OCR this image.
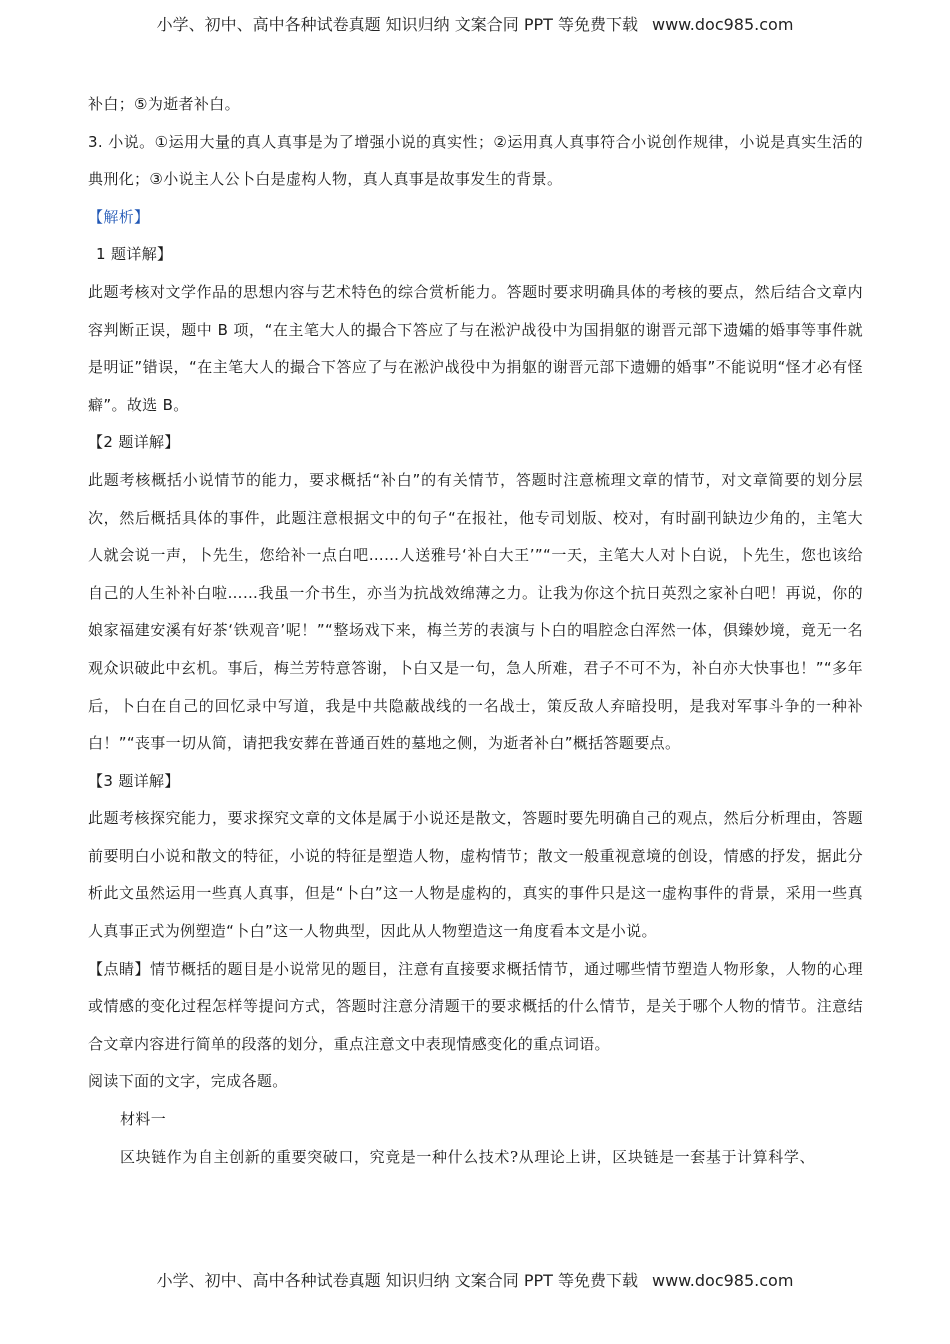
小学、初中、高中各种试卷真题 知识归纳 文案合同 PPT 等免费下载 www.doc985.com

补白；⑤为逝者补白。

3. 小说。①运用大量的真人真事是为了增强小说的真实性；②运用真人真事符合小说创作规律，小说是真实生活的典刑化；③小说主人公卜白是虚构人物，真人真事是故事发生的背景。

【解析】

1 题详解】

此题考核对文学作品的思想内容与艺术特色的综合赏析能力。答题时要求明确具体的考核的要点，然后结合文章内容判断正误，题中 B 项，“在主笔大人的撮合下答应了与在淞沪战役中为国捐躯的谢晋元部下遗孀的婚事等事件就是明证”错误，“在主笔大人的撮合下答应了与在淞沪战役中为捐躯的谢晋元部下遗姗的婚事”不能说明“怪才必有怪癖”。故选 B。

【2 题详解】

此题考核概括小说情节的能力，要求概括“补白”的有关情节，答题时注意梳理文章的情节，对文章简要的划分层次，然后概括具体的事件，此题注意根据文中的句子“在报社，他专司划版、校对，有时副刊缺边少角的，主笔大人就会说一声，卜先生，您给补一点白吧……人送雅号‘补白大王’”“一天，主笔大人对卜白说，卜先生，您也该给自己的人生补补白啦……我虽一介书生，亦当为抗战效绵薄之力。让我为你这个抗日英烈之家补白吧！再说，你的娘家福建安溪有好茶‘铁观音’呢！”“整场戏下来，梅兰芳的表演与卜白的唱腔念白浑然一体，俱臻妙境，竟无一名观众识破此中玄机。事后，梅兰芳特意答谢，卜白又是一句，急人所难，君子不可不为，补白亦大快事也！”“多年后，卜白在自己的回忆录中写道，我是中共隐蔽战线的一名战士，策反敌人弃暗投明，是我对军事斗争的一种补白！”“丧事一切从简，请把我安葬在普通百姓的墓地之侧，为逝者补白”概括答题要点。

【3 题详解】

此题考核探究能力，要求探究文章的文体是属于小说还是散文，答题时要先明确自己的观点，然后分析理由，答题前要明白小说和散文的特征，小说的特征是塑造人物，虚构情节；散文一般重视意境的创设，情感的抒发，据此分析此文虽然运用一些真人真事，但是“卜白”这一人物是虚构的，真实的事件只是这一虚构事件的背景，采用一些真人真事正式为例塑造“卜白”这一人物典型，因此从人物塑造这一角度看本文是小说。

【点睛】情节概括的题目是小说常见的题目，注意有直接要求概括情节，通过哪些情节塑造人物形象，人物的心理或情感的变化过程怎样等提问方式，答题时注意分清题干的要求概括的什么情节，是关于哪个人物的情节。注意结合文章内容进行简单的段落的划分，重点注意文中表现情感变化的重点词语。

阅读下面的文字，完成各题。

材料一

区块链作为自主创新的重要突破口，究竟是一种什么技术?从理论上讲，区块链是一套基于计算科学、

小学、初中、高中各种试卷真题 知识归纳 文案合同 PPT 等免费下载 www.doc985.com
